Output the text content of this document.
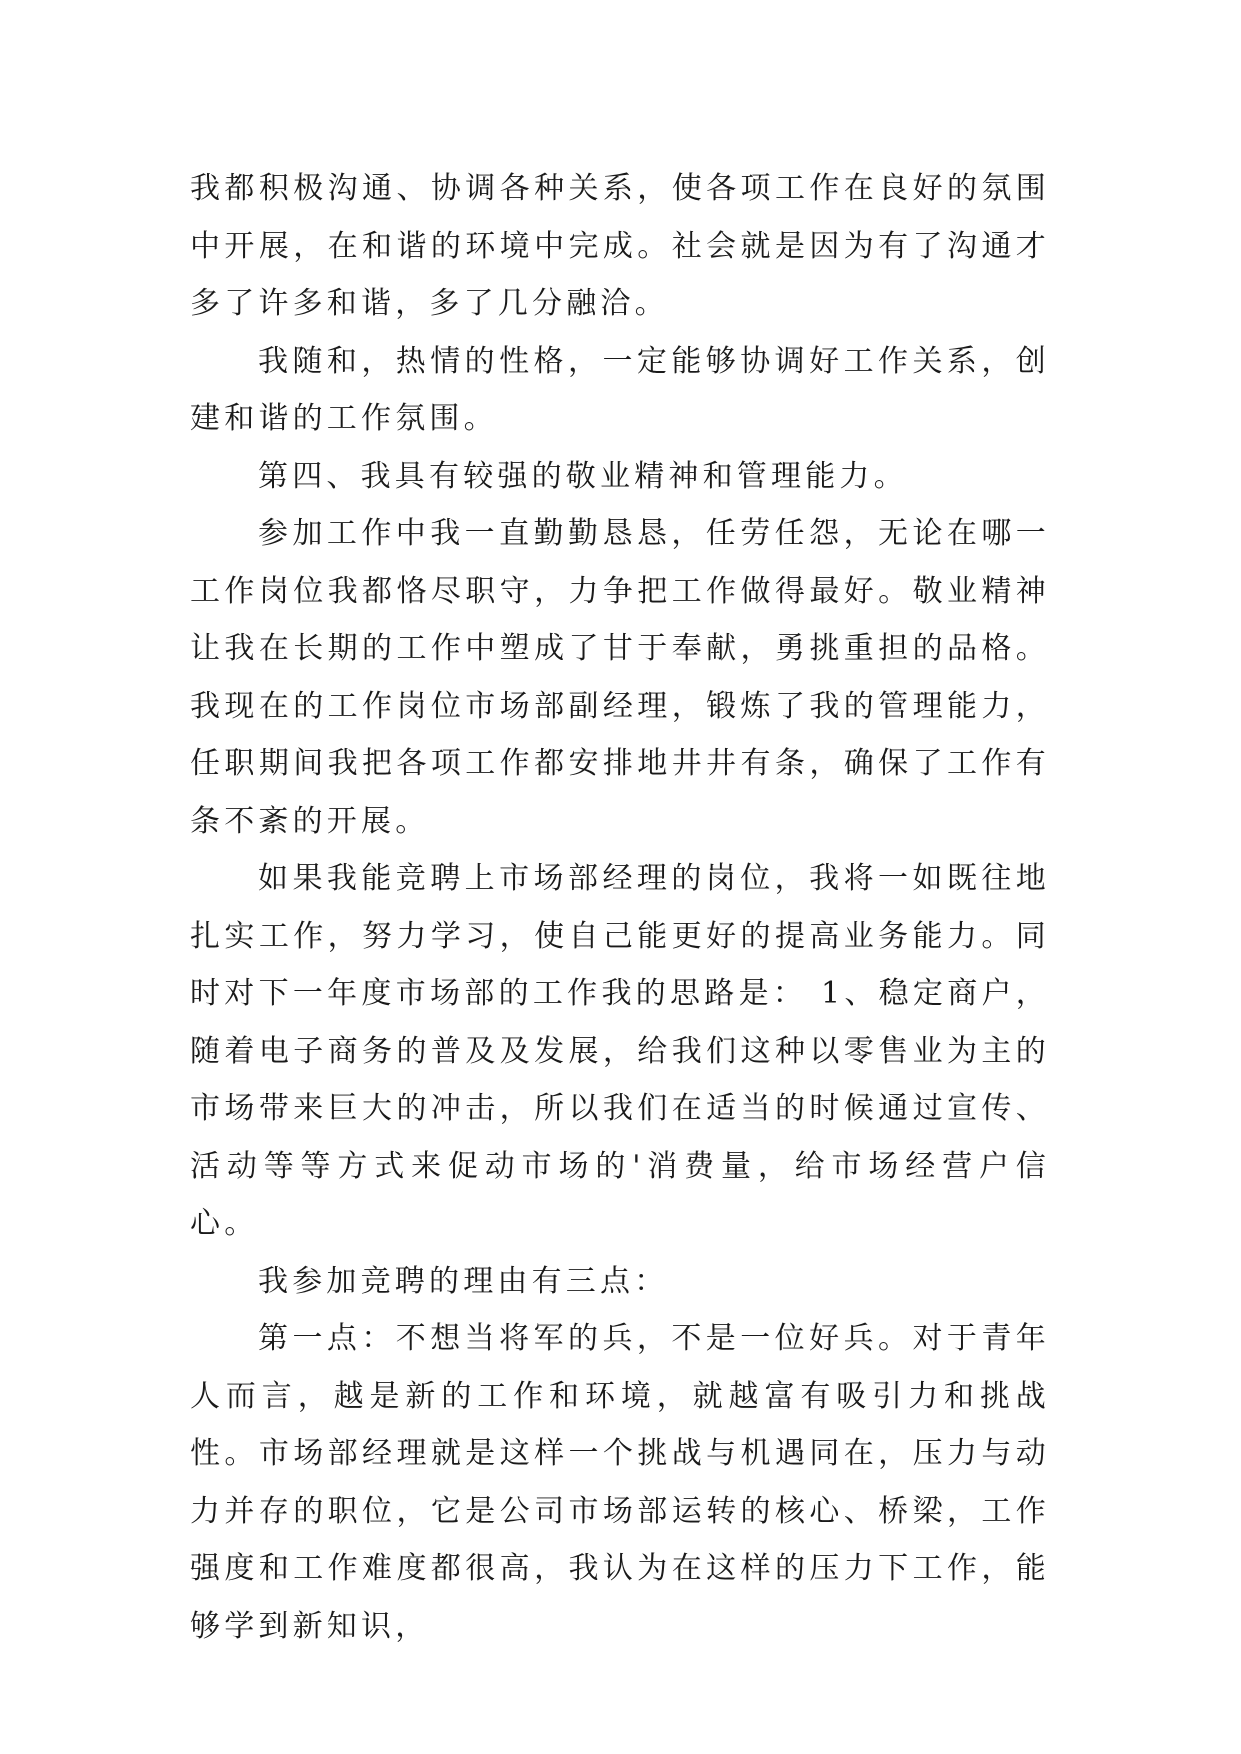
我都积极沟通、协调各种关系，使各项工作在良好的氛围中开展，在和谐的环境中完成。社会就是因为有了沟通才多了许多和谐，多了几分融洽。

我随和，热情的性格，一定能够协调好工作关系，创建和谐的工作氛围。

第四、我具有较强的敬业精神和管理能力。

参加工作中我一直勤勤恳恳，任劳任怨，无论在哪一工作岗位我都恪尽职守，力争把工作做得最好。敬业精神让我在长期的工作中塑成了甘于奉献，勇挑重担的品格。我现在的工作岗位市场部副经理，锻炼了我的管理能力，任职期间我把各项工作都安排地井井有条，确保了工作有条不紊的开展。

如果我能竞聘上市场部经理的岗位，我将一如既往地扎实工作，努力学习，使自己能更好的提高业务能力。同时对下一年度市场部的工作我的思路是： 1、稳定商户，随着电子商务的普及及发展，给我们这种以零售业为主的市场带来巨大的冲击，所以我们在适当的时候通过宣传、活动等等方式来促动市场的'消费量，给市场经营户信心。

我参加竞聘的理由有三点：

第一点：不想当将军的兵，不是一位好兵。对于青年人而言，越是新的工作和环境，就越富有吸引力和挑战性。市场部经理就是这样一个挑战与机遇同在，压力与动力并存的职位，它是公司市场部运转的核心、桥梁，工作强度和工作难度都很高，我认为在这样的压力下工作，能够学到新知识，
